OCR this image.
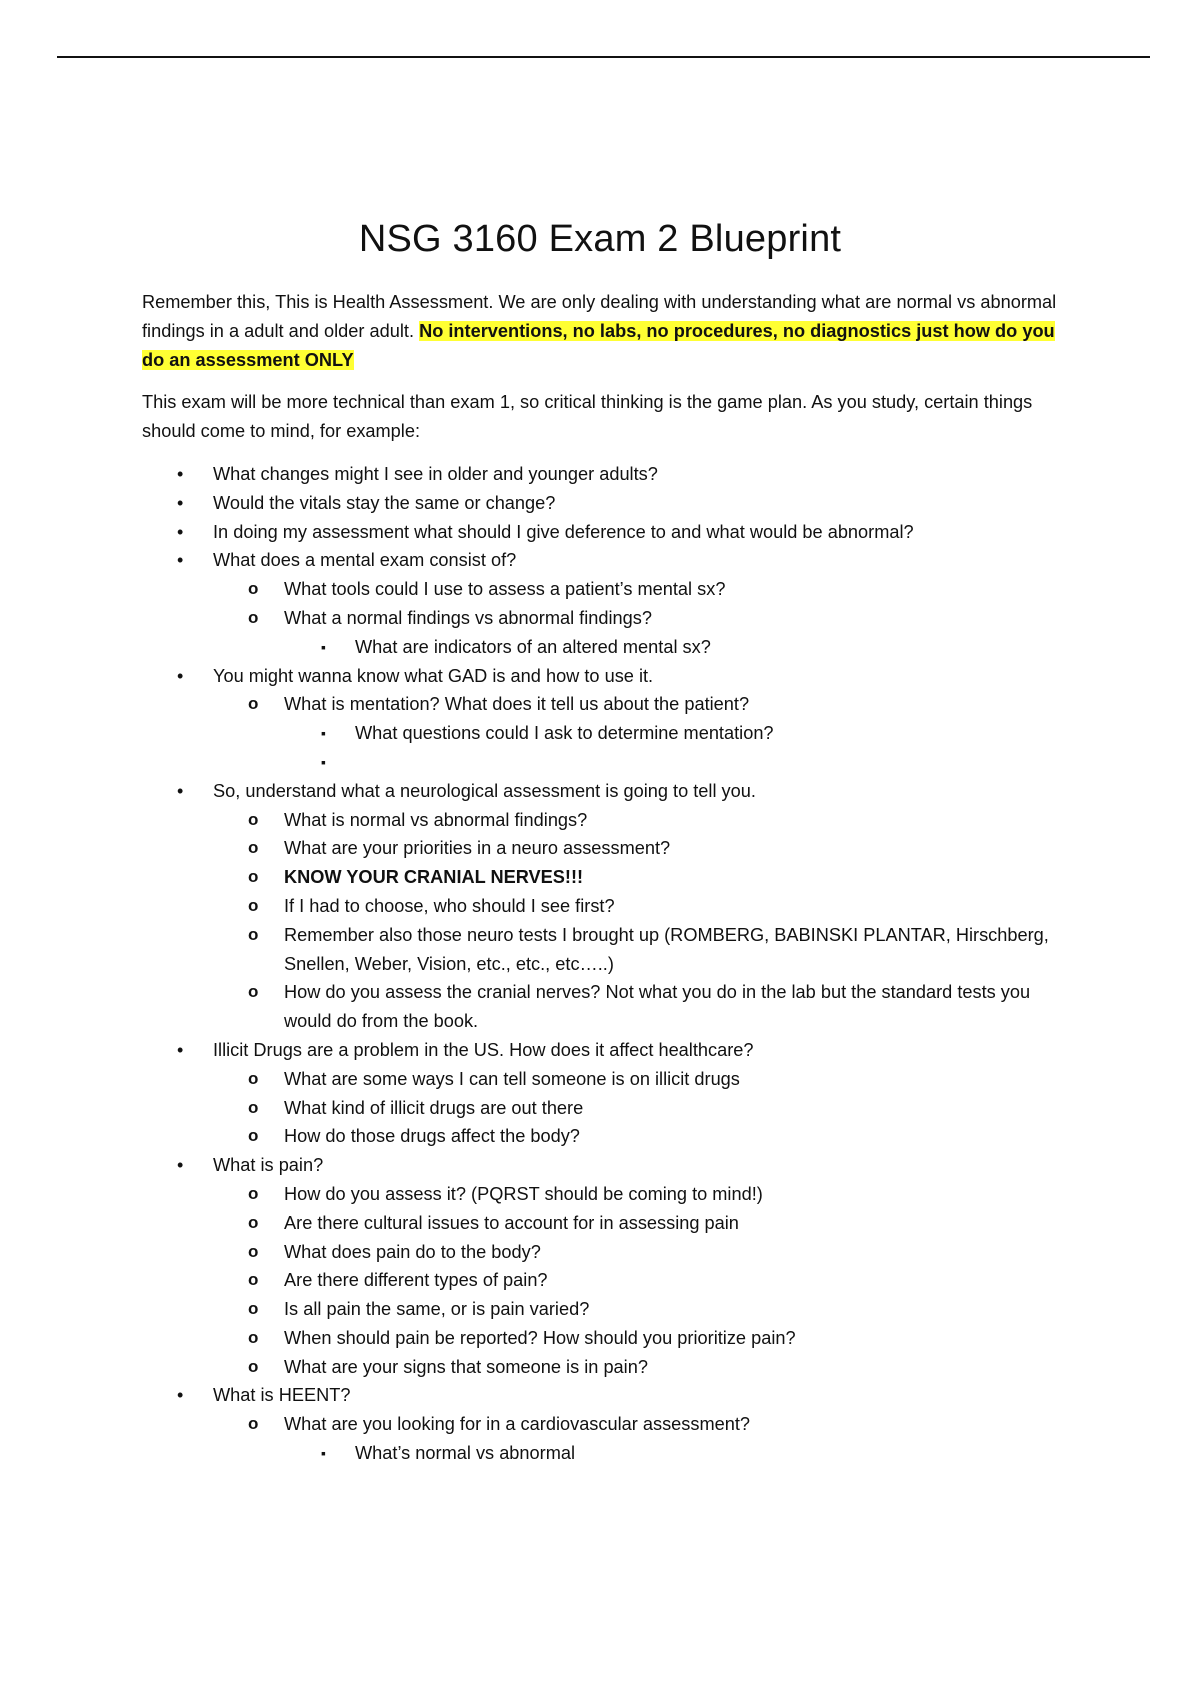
NSG 3160 Exam 2 Blueprint

Remember this, This is Health Assessment. We are only dealing with understanding what are normal vs abnormal findings in a adult and older adult. No interventions, no labs, no procedures, no diagnostics just how do you do an assessment ONLY

This exam will be more technical than exam 1, so critical thinking is the game plan. As you study, certain things should come to mind, for example:

• What changes might I see in older and younger adults?
• Would the vitals stay the same or change?
• In doing my assessment what should I give deference to and what would be abnormal?
• What does a mental exam consist of?
o What tools could I use to assess a patient’s mental sx?
o What a normal findings vs abnormal findings?
▪ What are indicators of an altered mental sx?
• You might wanna know what GAD is and how to use it.
o What is mentation? What does it tell us about the patient?
▪ What questions could I ask to determine mentation?
▪

• So, understand what a neurological assessment is going to tell you.
o What is normal vs abnormal findings?
o What are your priorities in a neuro assessment?
o KNOW YOUR CRANIAL NERVES!!!
o If I had to choose, who should I see first?
o Remember also those neuro tests I brought up (ROMBERG, BABINSKI PLANTAR, Hirschberg, Snellen, Weber, Vision, etc., etc., etc…..)
o How do you assess the cranial nerves? Not what you do in the lab but the standard tests you would do from the book.
• Illicit Drugs are a problem in the US. How does it affect healthcare?
o What are some ways I can tell someone is on illicit drugs
o What kind of illicit drugs are out there
o How do those drugs affect the body?
• What is pain?
o How do you assess it? (PQRST should be coming to mind!)
o Are there cultural issues to account for in assessing pain
o What does pain do to the body?
o Are there different types of pain?
o Is all pain the same, or is pain varied?
o When should pain be reported? How should you prioritize pain?
o What are your signs that someone is in pain?
• What is HEENT?
o What are you looking for in a cardiovascular assessment?
▪ What’s normal vs abnormal
